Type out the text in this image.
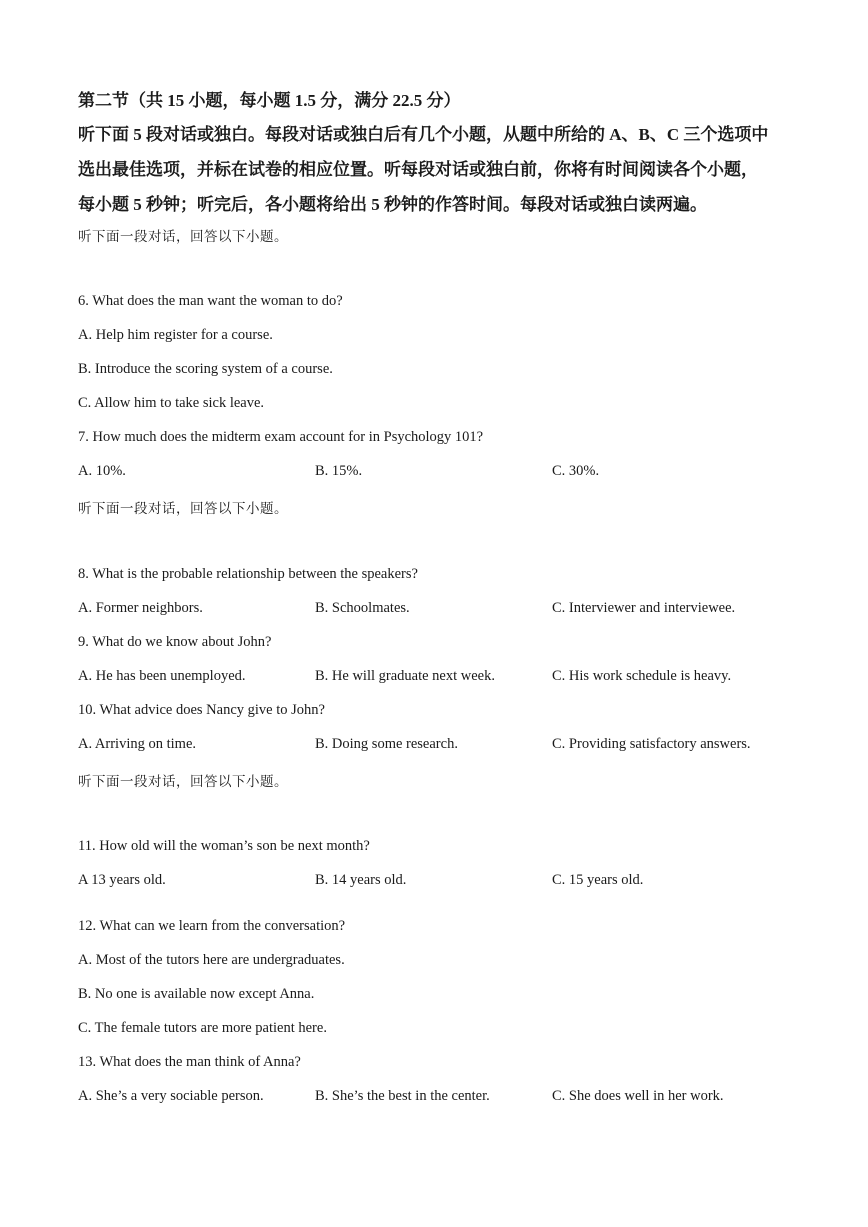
第二节（共 15 小题，每小题 1.5 分，满分 22.5 分）
听下面 5 段对话或独白。每段对话或独白后有几个小题，从题中所给的 A、B、C 三个选项中
选出最佳选项，并标在试卷的相应位置。听每段对话或独白前，你将有时间阅读各个小题，
每小题 5 秒钟；听完后，各小题将给出 5 秒钟的作答时间。每段对话或独白读两遍。
听下面一段对话，回答以下小题。
6. What does the man want the woman to do?
A. Help him register for a course.
B. Introduce the scoring system of a course.
C. Allow him to take sick leave.
7. How much does the midterm exam account for in Psychology 101?
A. 10%.	B. 15%.	C. 30%.
听下面一段对话，回答以下小题。
8. What is the probable relationship between the speakers?
A. Former neighbors.	B. Schoolmates.	C. Interviewer and interviewee.
9. What do we know about John?
A. He has been unemployed.	B. He will graduate next week.	C. His work schedule is heavy.
10. What advice does Nancy give to John?
A. Arriving on time.	B. Doing some research.	C. Providing satisfactory answers.
听下面一段对话，回答以下小题。
11. How old will the woman’s son be next month?
A 13 years old.	B. 14 years old.	C. 15 years old.
12. What can we learn from the conversation?
A. Most of the tutors here are undergraduates.
B. No one is available now except Anna.
C. The female tutors are more patient here.
13. What does the man think of Anna?
A. She’s a very sociable person.	B. She’s the best in the center.	C. She does well in her work.
